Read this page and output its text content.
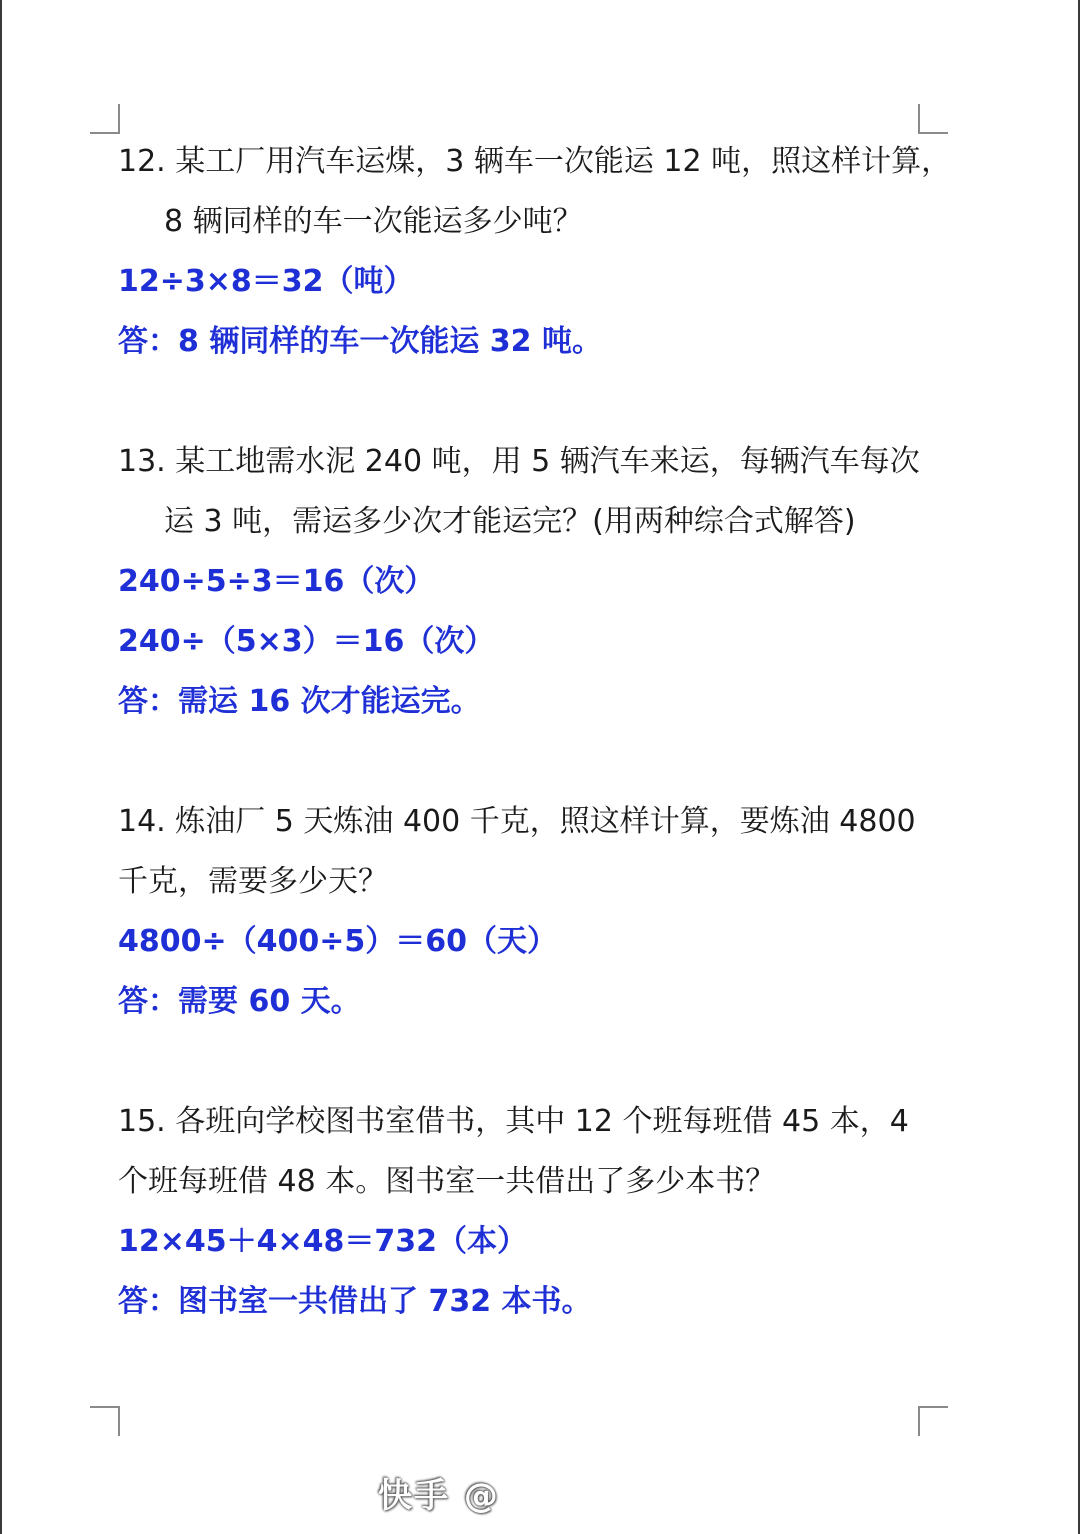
12. 某工厂用汽车运煤，3 辆车一次能运 12 吨，照这样计算，
8 辆同样的车一次能运多少吨？
12÷3×8＝32（吨）
答：8 辆同样的车一次能运 32 吨。
13. 某工地需水泥 240 吨，用 5 辆汽车来运，每辆汽车每次
运 3 吨，需运多少次才能运完？(用两种综合式解答)
240÷5÷3＝16（次）
240÷（5×3）＝16（次）
答：需运 16 次才能运完。
14. 炼油厂 5 天炼油 400 千克，照这样计算，要炼油 4800
千克，需要多少天？
4800÷（400÷5）＝60（天）
答：需要 60 天。
15. 各班向学校图书室借书，其中 12 个班每班借 45 本，4
个班每班借 48 本。图书室一共借出了多少本书？
12×45＋4×48＝732（本）
答：图书室一共借出了 732 本书。
快手 @
